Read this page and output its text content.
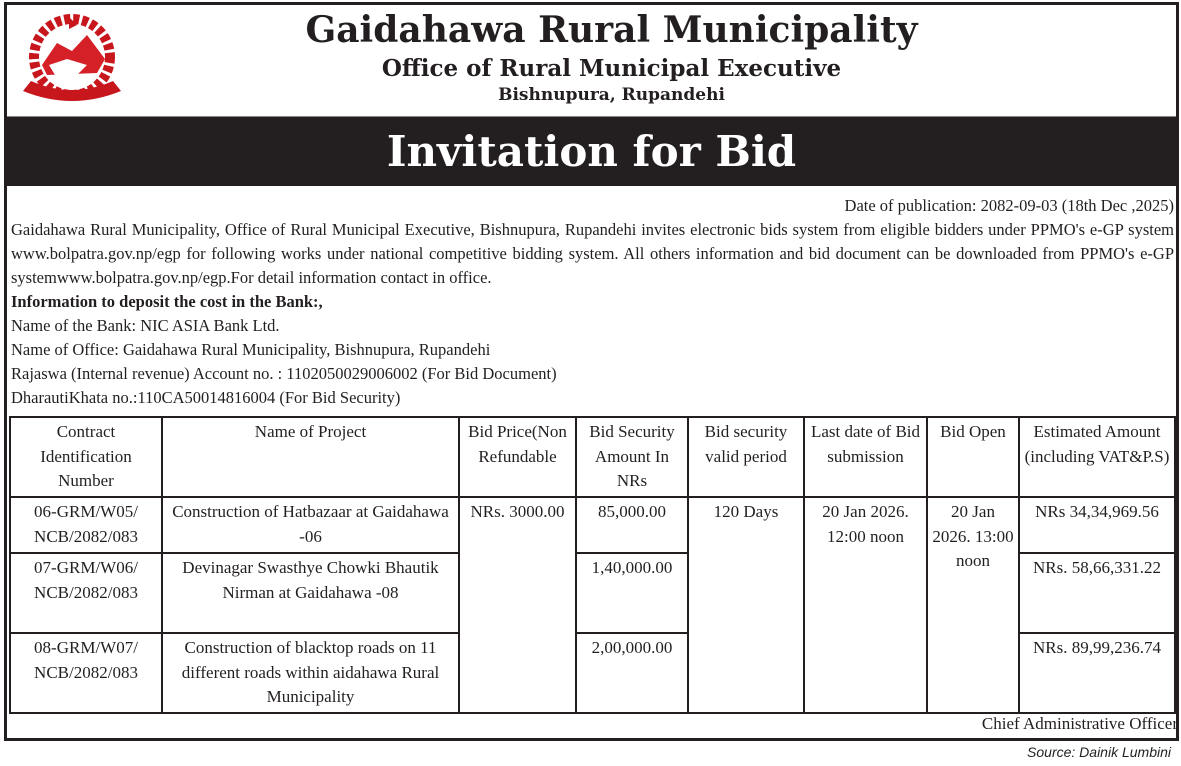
Gaidahawa Rural Municipality
Office of Rural Municipal Executive
Bishnupura, Rupandehi
Invitation for Bid
Date of publication: 2082-09-03 (18th Dec ,2025)
Gaidahawa Rural Municipality, Office of Rural Municipal Executive, Bishnupura, Rupandehi invites electronic bids system from eligible bidders under PPMO's e-GP system www.bolpatra.gov.np/egp for following works under national competitive bidding system. All others information and bid document can be downloaded from PPMO's e-GP systemwww.bolpatra.gov.np/egp.For detail information contact in office.
Information to deposit the cost in the Bank:,
Name of the Bank: NIC ASIA Bank Ltd.
Name of Office: Gaidahawa Rural Municipality, Bishnupura, Rupandehi
Rajaswa (Internal revenue) Account no. : 1102050029006002 (For Bid Document)
DharautiKhata no.:110CA50014816004 (For Bid Security)
Contract Identification Number	Name of Project	Bid Price(Non Refundable	Bid Security Amount In NRs	Bid security valid period	Last date of Bid submission	Bid Open	Estimated Amount (including VAT&P.S)
06-GRM/W05/ NCB/2082/083	Construction of Hatbazaar at Gaidahawa -06	NRs. 3000.00	85,000.00	120 Days	20 Jan 2026. 12:00 noon	20 Jan 2026. 13:00 noon	NRs 34,34,969.56
07-GRM/W06/ NCB/2082/083	Devinagar Swasthye Chowki Bhautik Nirman at Gaidahawa -08		1,40,000.00				NRs. 58,66,331.22
08-GRM/W07/ NCB/2082/083	Construction of blacktop roads on 11 different roads within aidahawa Rural Municipality		2,00,000.00				NRs. 89,99,236.74
Chief Administrative Officer
Source: Dainik Lumbini
